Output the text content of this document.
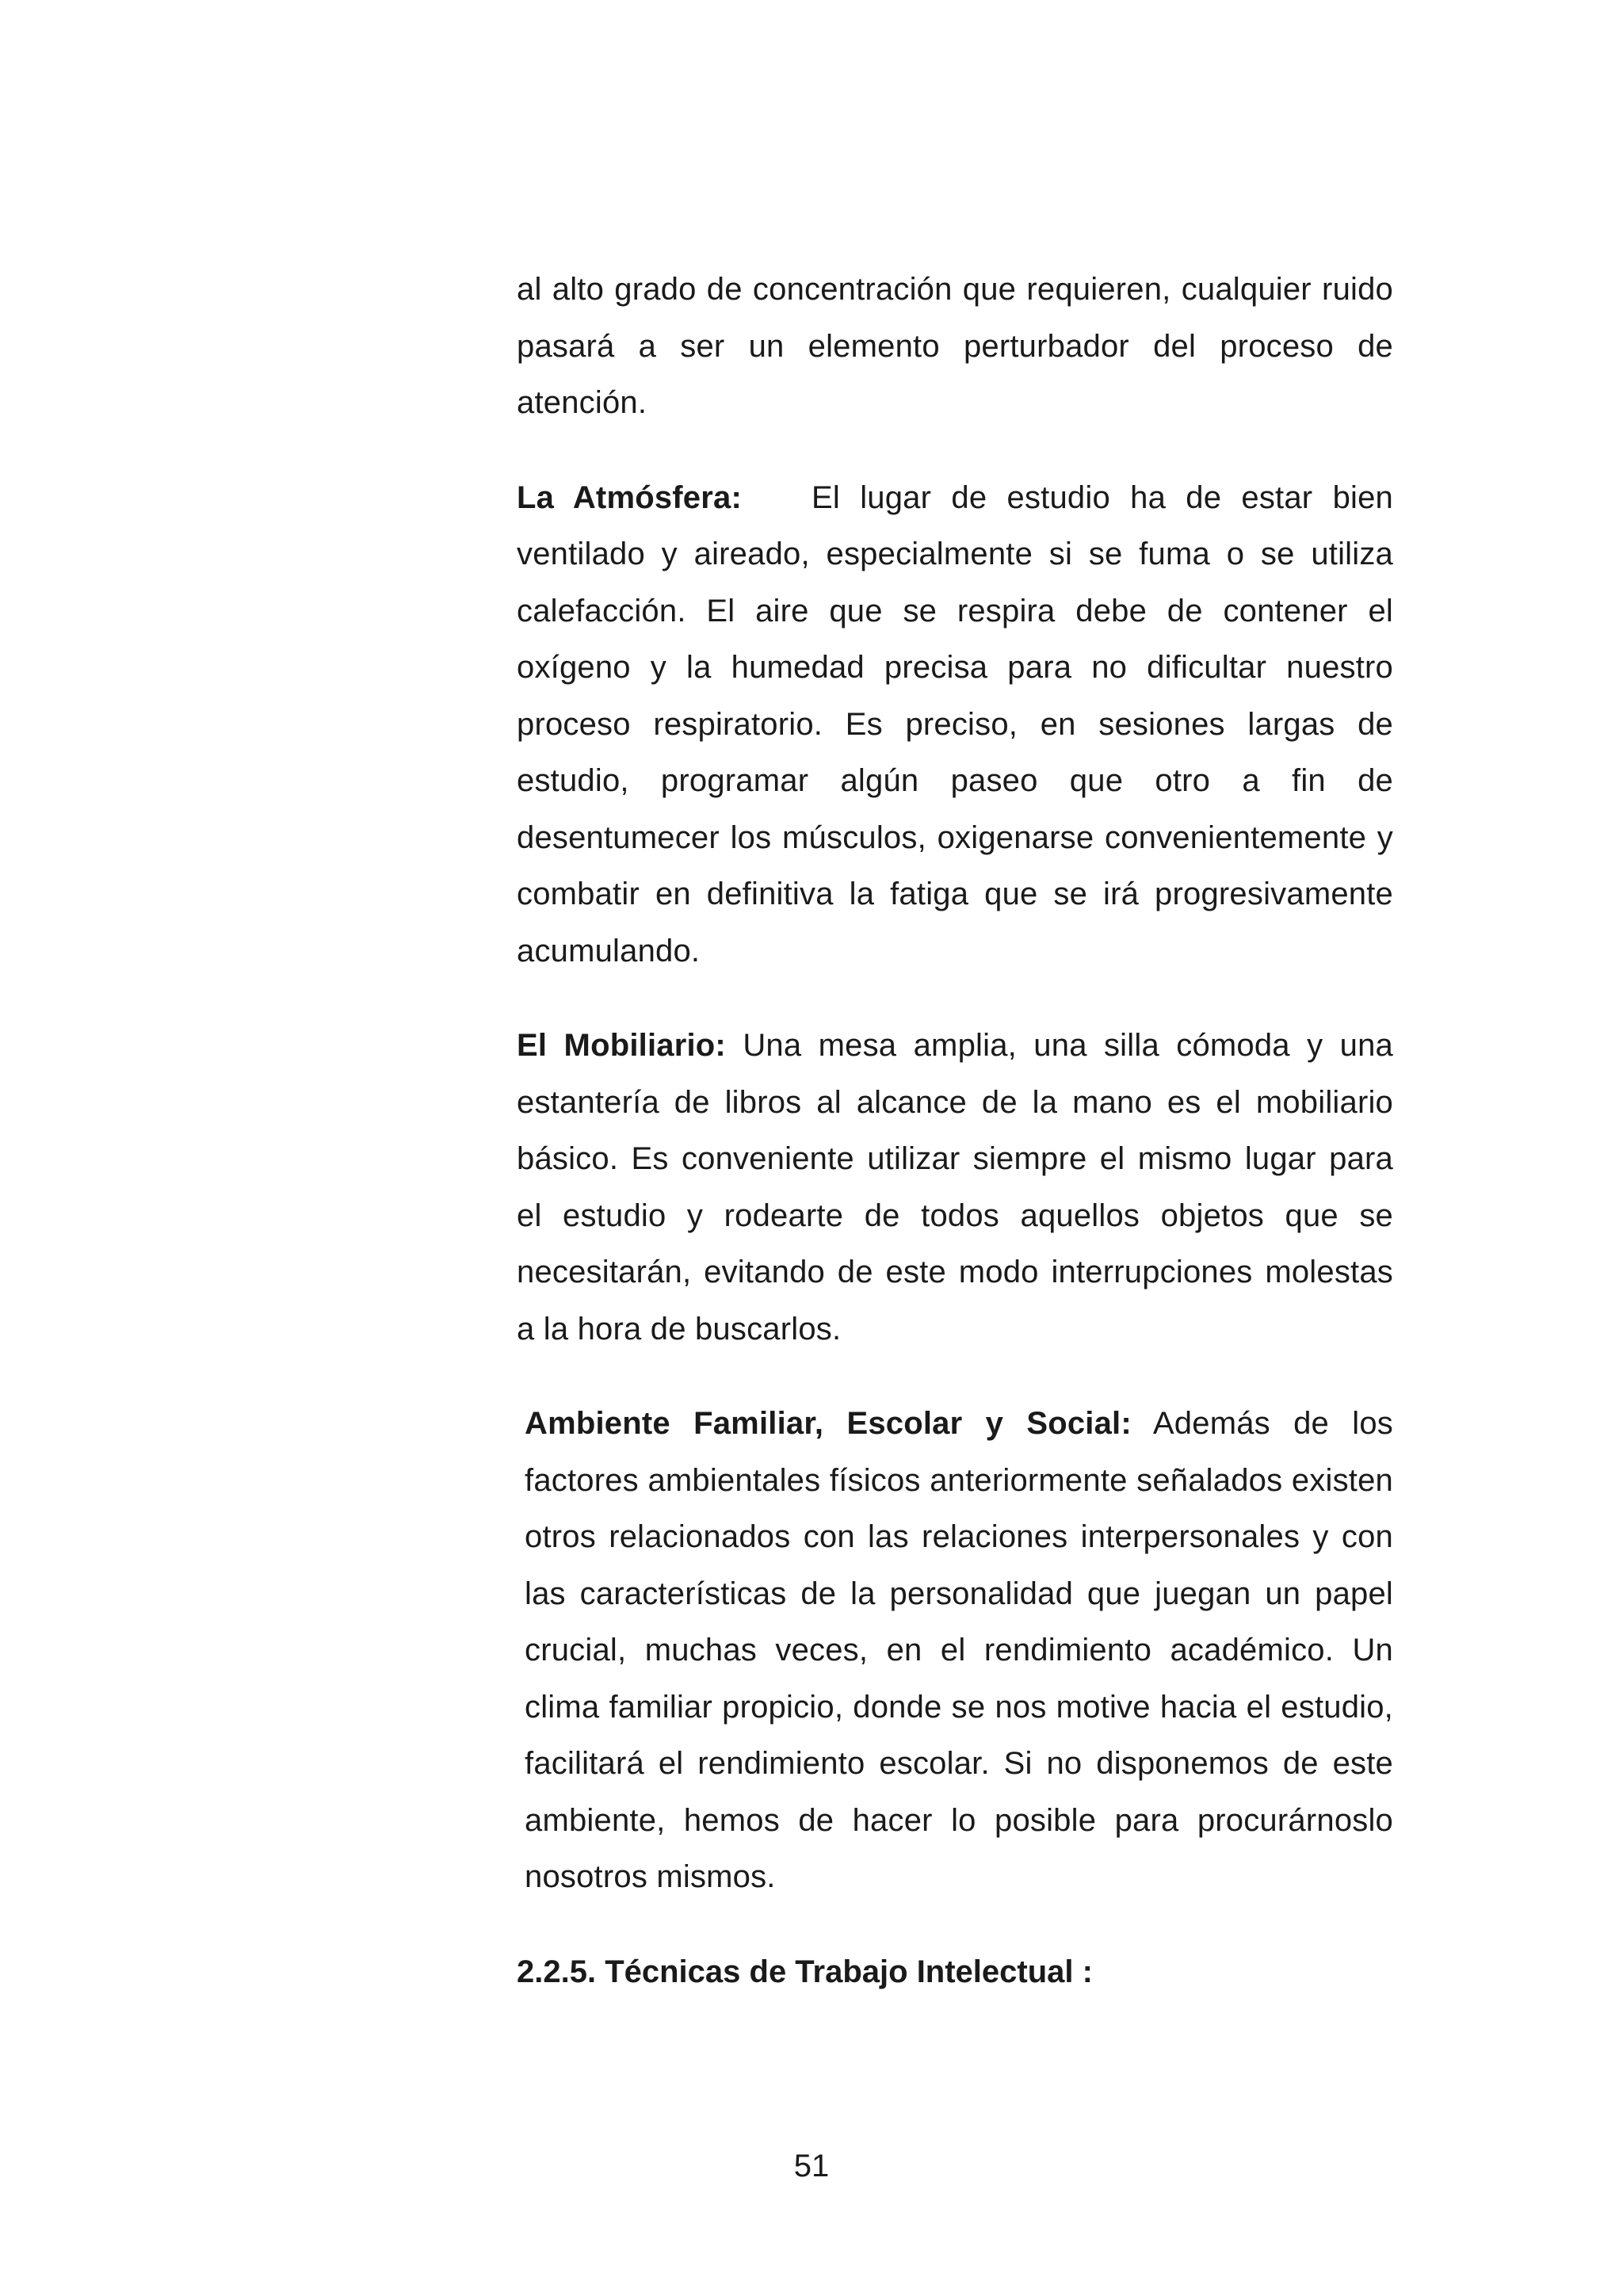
al alto grado de concentración que requieren, cualquier ruido pasará a ser un elemento perturbador del proceso de atención.

La Atmósfera: El lugar de estudio ha de estar bien ventilado y aireado, especialmente si se fuma o se utiliza calefacción. El aire que se respira debe de contener el oxígeno y la humedad precisa para no dificultar nuestro proceso respiratorio. Es preciso, en sesiones largas de estudio, programar algún paseo que otro a fin de desentumecer los músculos, oxigenarse convenientemente y combatir en definitiva la fatiga que se irá progresivamente acumulando.

El Mobiliario: Una mesa amplia, una silla cómoda y una estantería de libros al alcance de la mano es el mobiliario básico. Es conveniente utilizar siempre el mismo lugar para el estudio y rodearte de todos aquellos objetos que se necesitarán, evitando de este modo interrupciones molestas a la hora de buscarlos.

Ambiente Familiar, Escolar y Social: Además de los factores ambientales físicos anteriormente señalados existen otros relacionados con las relaciones interpersonales y con las características de la personalidad que juegan un papel crucial, muchas veces, en el rendimiento académico. Un clima familiar propicio, donde se nos motive hacia el estudio, facilitará el rendimiento escolar. Si no disponemos de este ambiente, hemos de hacer lo posible para procurárnoslo nosotros mismos.

2.2.5. Técnicas de Trabajo Intelectual :

51
